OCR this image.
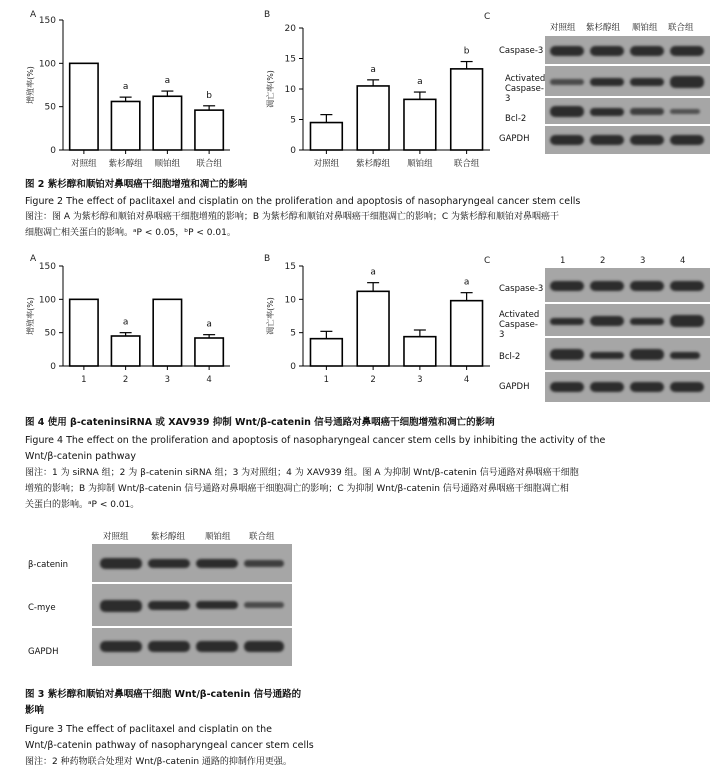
A
0
50
100
150
增殖率(%)
对照组
a
紫杉醇组
a
顺铂组
b
联合组
B
0
5
10
15
20
凋亡率(%)
对照组
a
紫杉醇组
a
顺铂组
b
联合组
C
对照组 紫杉醇组 顺铂组 联合组
Caspase-3
Activated Caspase-3
Bcl-2
GAPDH
图 2 紫杉醇和顺铂对鼻咽癌干细胞增殖和凋亡的影响
Figure 2 The effect of paclitaxel and cisplatin on the proliferation and apoptosis of nasopharyngeal cancer stem cells
图注：图 A 为紫杉醇和顺铂对鼻咽癌干细胞增殖的影响；B 为紫杉醇和顺铂对鼻咽癌干细胞凋亡的影响；C 为紫杉醇和顺铂对鼻咽癌干
细胞凋亡相关蛋白的影响。ᵃP < 0.05，ᵇP < 0.01。
A
0
50
100
150
增殖率(%)
1
a
2	3
a
4
B
0
5
10
15
凋亡率(%)
1
a
2	3
a
4
C	1	2	3	4
Caspase-3
Activated Caspase-3
Bcl-2
GAPDH
图 4 使用 β-cateninsiRNA 或 XAV939 抑制 Wnt/β-catenin 信号通路对鼻咽癌干细胞增殖和凋亡的影响
Figure 4 The effect on the proliferation and apoptosis of nasopharyngeal cancer stem cells by inhibiting the activity of the
Wnt/β-catenin pathway
图注：1 为 siRNA 组；2 为 β-catenin siRNA 组；3 为对照组；4 为 XAV939 组。图 A 为抑制 Wnt/β-catenin 信号通路对鼻咽癌干细胞
增殖的影响；B 为抑制 Wnt/β-catenin 信号通路对鼻咽癌干细胞凋亡的影响；C 为抑制 Wnt/β-catenin 信号通路对鼻咽癌干细胞凋亡相
关蛋白的影响。ᵃP < 0.01。
对照组	紫杉醇组 顺铂组 联合组
β-catenin
C-mye
GAPDH
图 3 紫杉醇和顺铂对鼻咽癌干细胞 Wnt/β-catenin 信号通路的
影响
Figure 3 The effect of paclitaxel and cisplatin on the
Wnt/β-catenin pathway of nasopharyngeal cancer stem cells
图注：2 种药物联合处理对 Wnt/β-catenin 通路的抑制作用更强。
